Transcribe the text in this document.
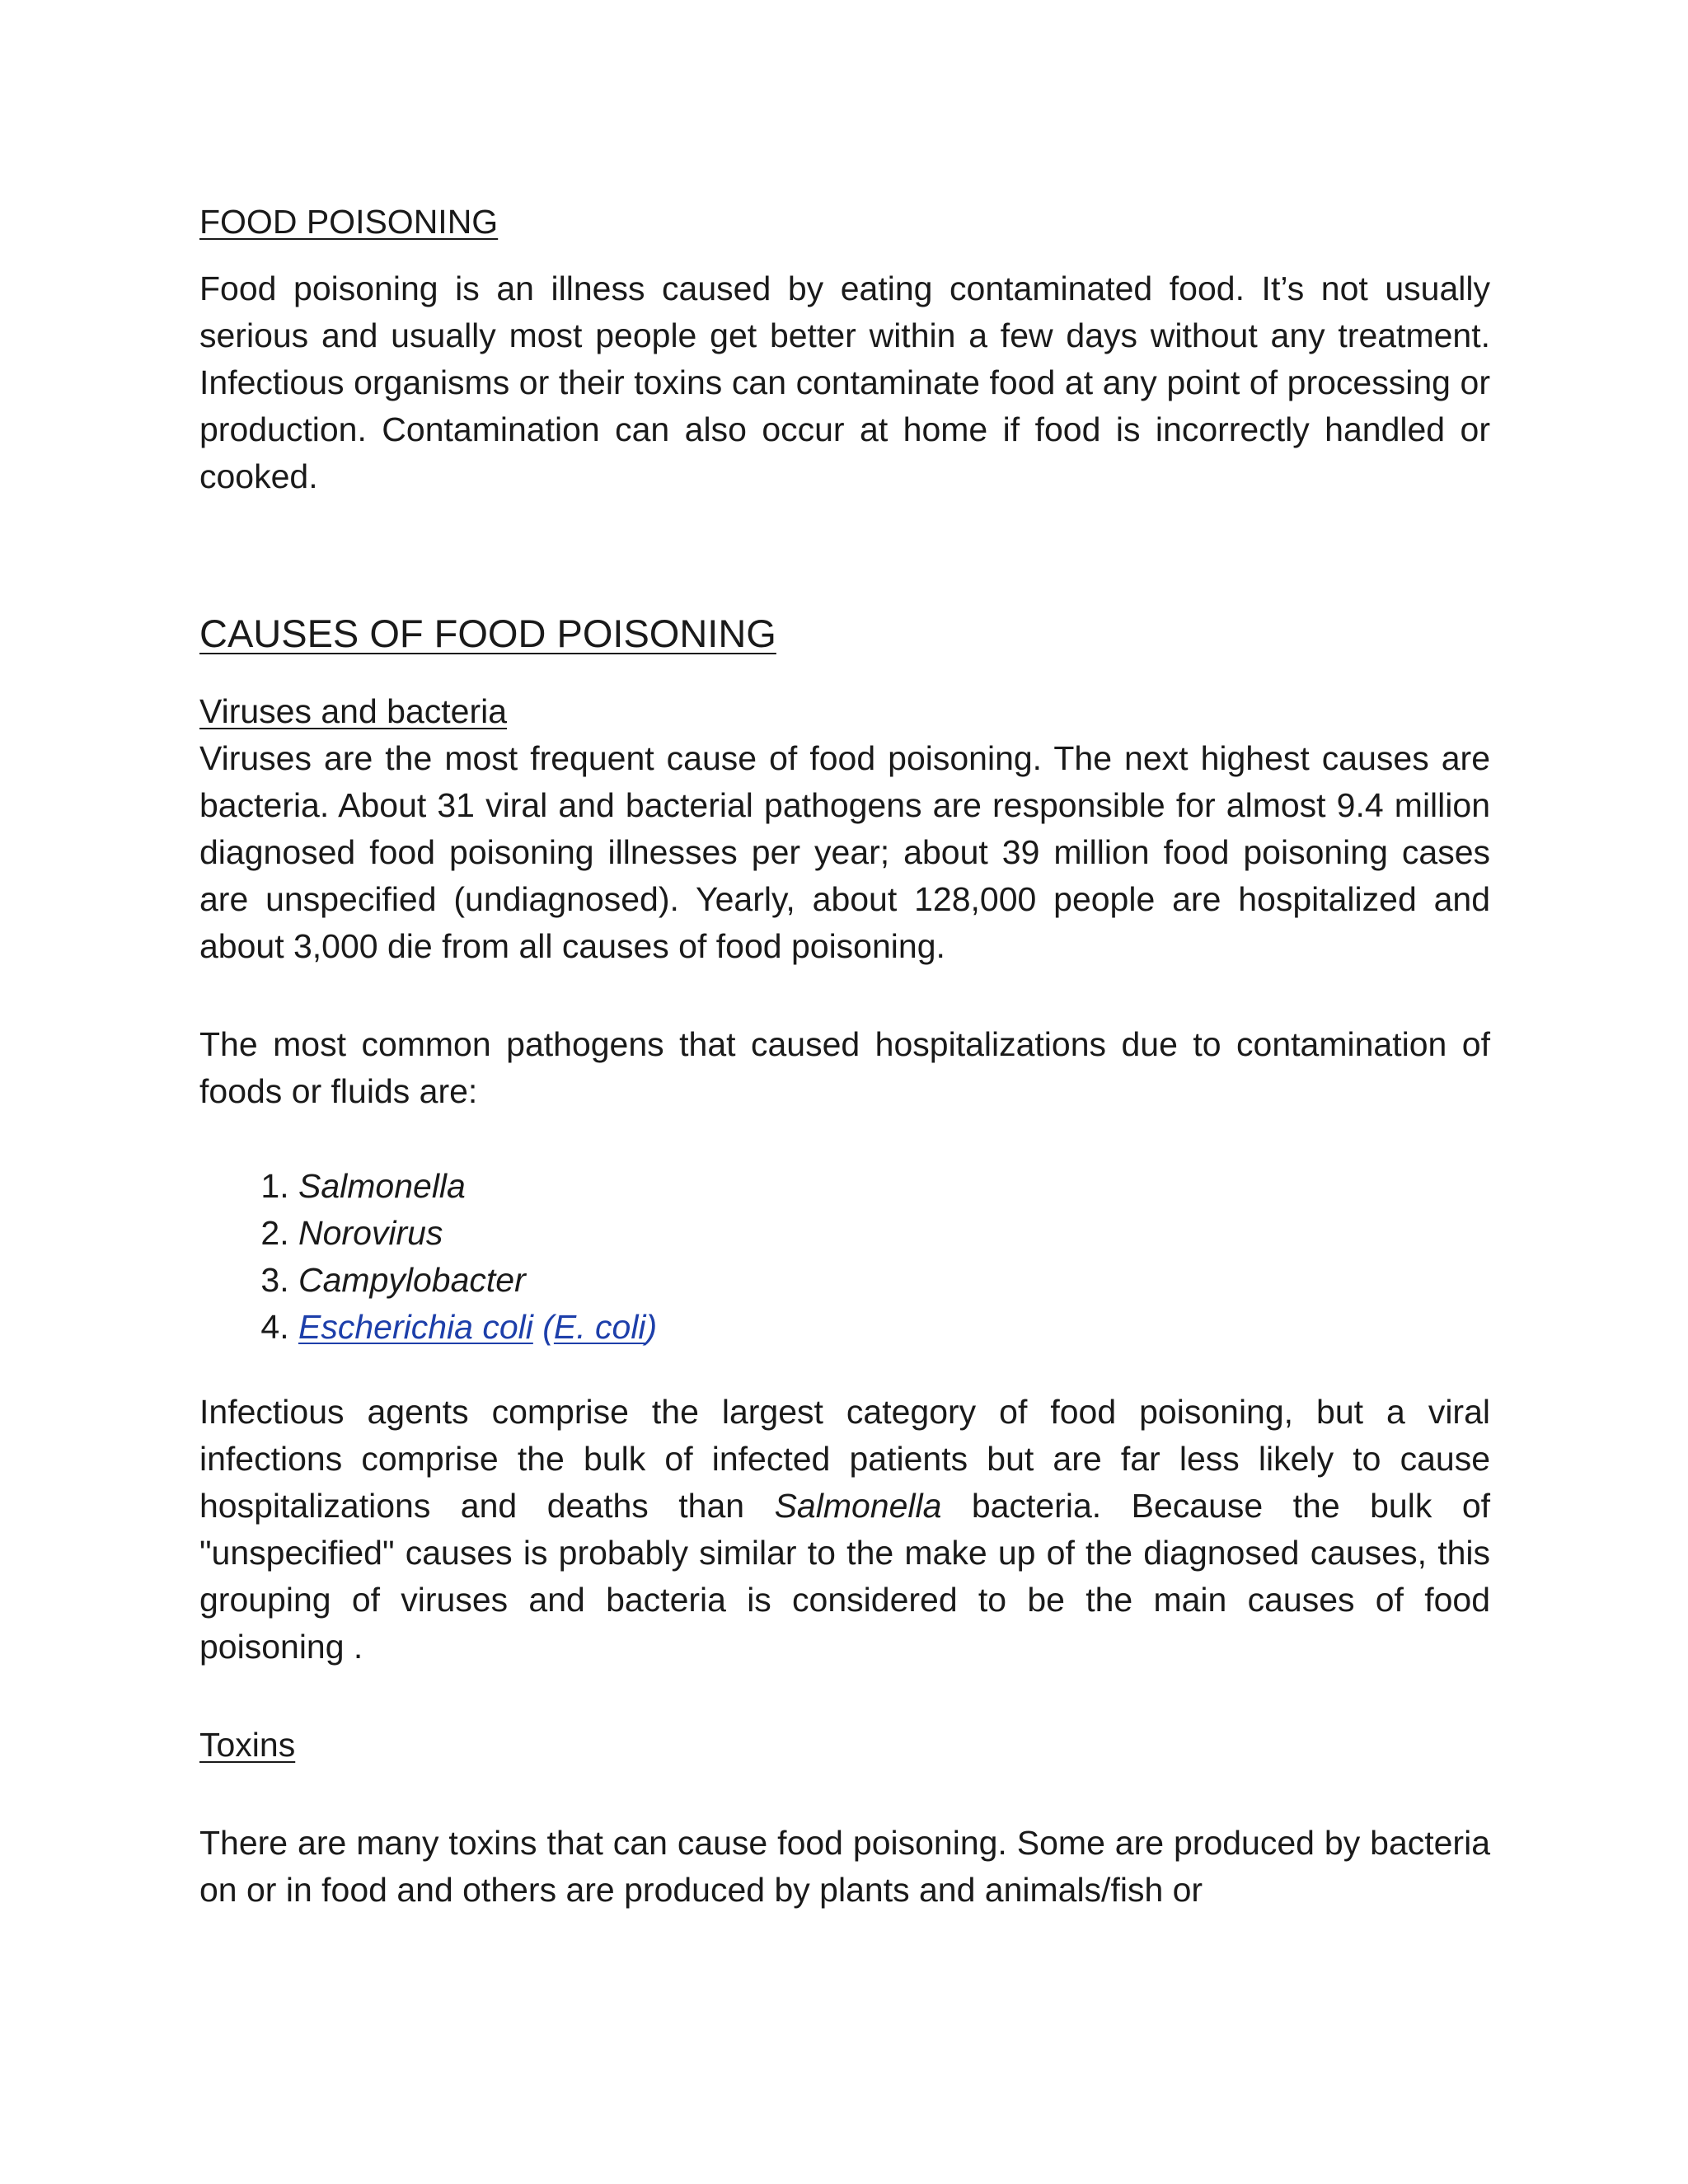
FOOD POISONING

Food poisoning is an illness caused by eating contaminated food. It’s not usually serious and usually most people get better within a few days without any treatment. Infectious organisms or their toxins can contaminate food at any point of processing or production. Contamination can also occur at home if food is incorrectly handled or cooked.

CAUSES OF FOOD POISONING
Viruses and bacteria

Viruses are the most frequent cause of food poisoning. The next highest causes are bacteria. About 31 viral and bacterial pathogens are responsible for almost 9.4 million diagnosed food poisoning illnesses per year; about 39 million food poisoning cases are unspecified (undiagnosed). Yearly, about 128,000 people are hospitalized and about 3,000 die from all causes of food poisoning.

The most common pathogens that caused hospitalizations due to contamination of foods or fluids are:

1. Salmonella
2. Norovirus
3. Campylobacter
4. Escherichia coli (E. coli)

Infectious agents comprise the largest category of food poisoning, but a viral infections comprise the bulk of infected patients but are far less likely to cause hospitalizations and deaths than Salmonella bacteria. Because the bulk of "unspecified" causes is probably similar to the make up of the diagnosed causes, this grouping of viruses and bacteria is considered to be the main causes of food poisoning .

Toxins

There are many toxins that can cause food poisoning. Some are produced by bacteria on or in food and others are produced by plants and animals/fish or
